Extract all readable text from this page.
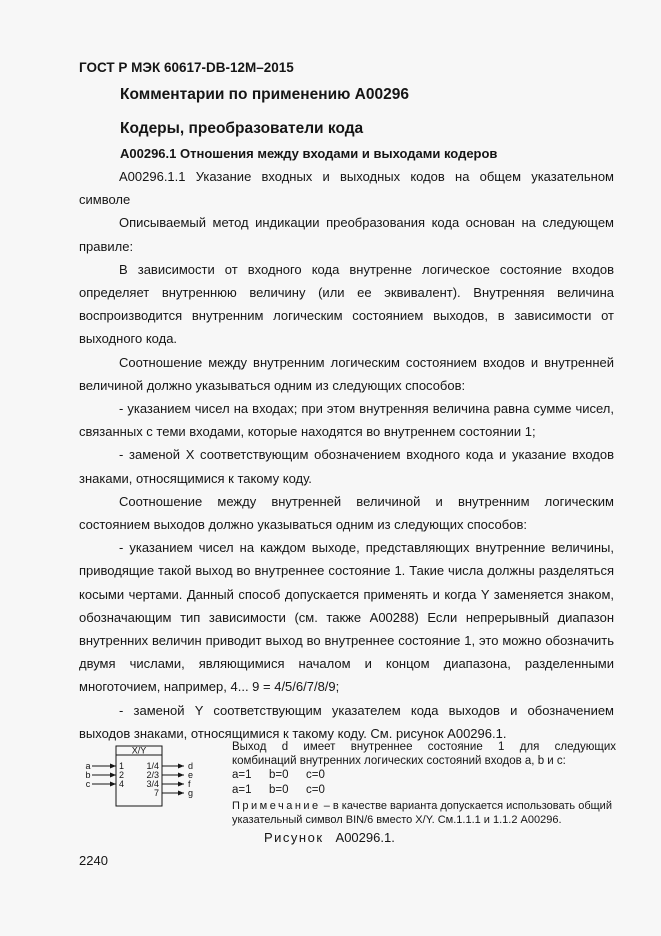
ГОСТ Р МЭК 60617-DB-12M–2015
Комментарии по применению A00296
Кодеры, преобразователи кода
A00296.1 Отношения между входами и выходами кодеров

A00296.1.1 Указание входных и выходных кодов на общем указательном символе

Описываемый метод индикации преобразования кода основан на следующем правиле:

В зависимости от входного кода внутренне логическое состояние входов определяет внутреннюю величину (или ее эквивалент). Внутренняя величина воспроизводится внутренним логическим состоянием выходов, в зависимости от выходного кода.

Соотношение между внутренним логическим состоянием входов и внутренней величиной должно указываться одним из следующих способов:

- указанием чисел на входах; при этом внутренняя величина равна сумме чисел, связанных с теми входами, которые находятся во внутреннем состоянии 1;

- заменой X соответствующим обозначением входного кода и указание входов знаками, относящимися к такому коду.

Соотношение между внутренней величиной и внутренним логическим состоянием выходов должно указываться одним из следующих способов:

- указанием чисел на каждом выходе, представляющих внутренние величины, приводящие такой выход во внутреннее состояние 1. Такие числа должны разделяться косыми чертами. Данный способ допускается применять и когда Y заменяется знаком, обозначающим тип зависимости (см. также A00288) Если непрерывный диапазон внутренних величин приводит выход во внутреннее состояние 1, это можно обозначить двумя числами, являющимися началом и концом диапазона, разделенными многоточием, например, 4... 9 = 4/5/6/7/8/9;

- заменой Y соответствующим указателем кода выходов и обозначением выходов знаками, относящимися к такому коду. См. рисунок A00296.1.

X/Y
a	1
b	2
c	4
1/4	d
2/3	e
3/4	f
7	g

Выход d имеет внутреннее состояние 1 для следующих

комбинаций внутренних логических состояний входов a, b и c:

a=1 b=0 c=0

a=1 b=0 c=0

Примечание – в качестве варианта допускается использовать общий указательный символ BIN/6 вместо X/Y. См.1.1.1 и 1.1.2 A00296.

Рисунок A00296.1.

2240
